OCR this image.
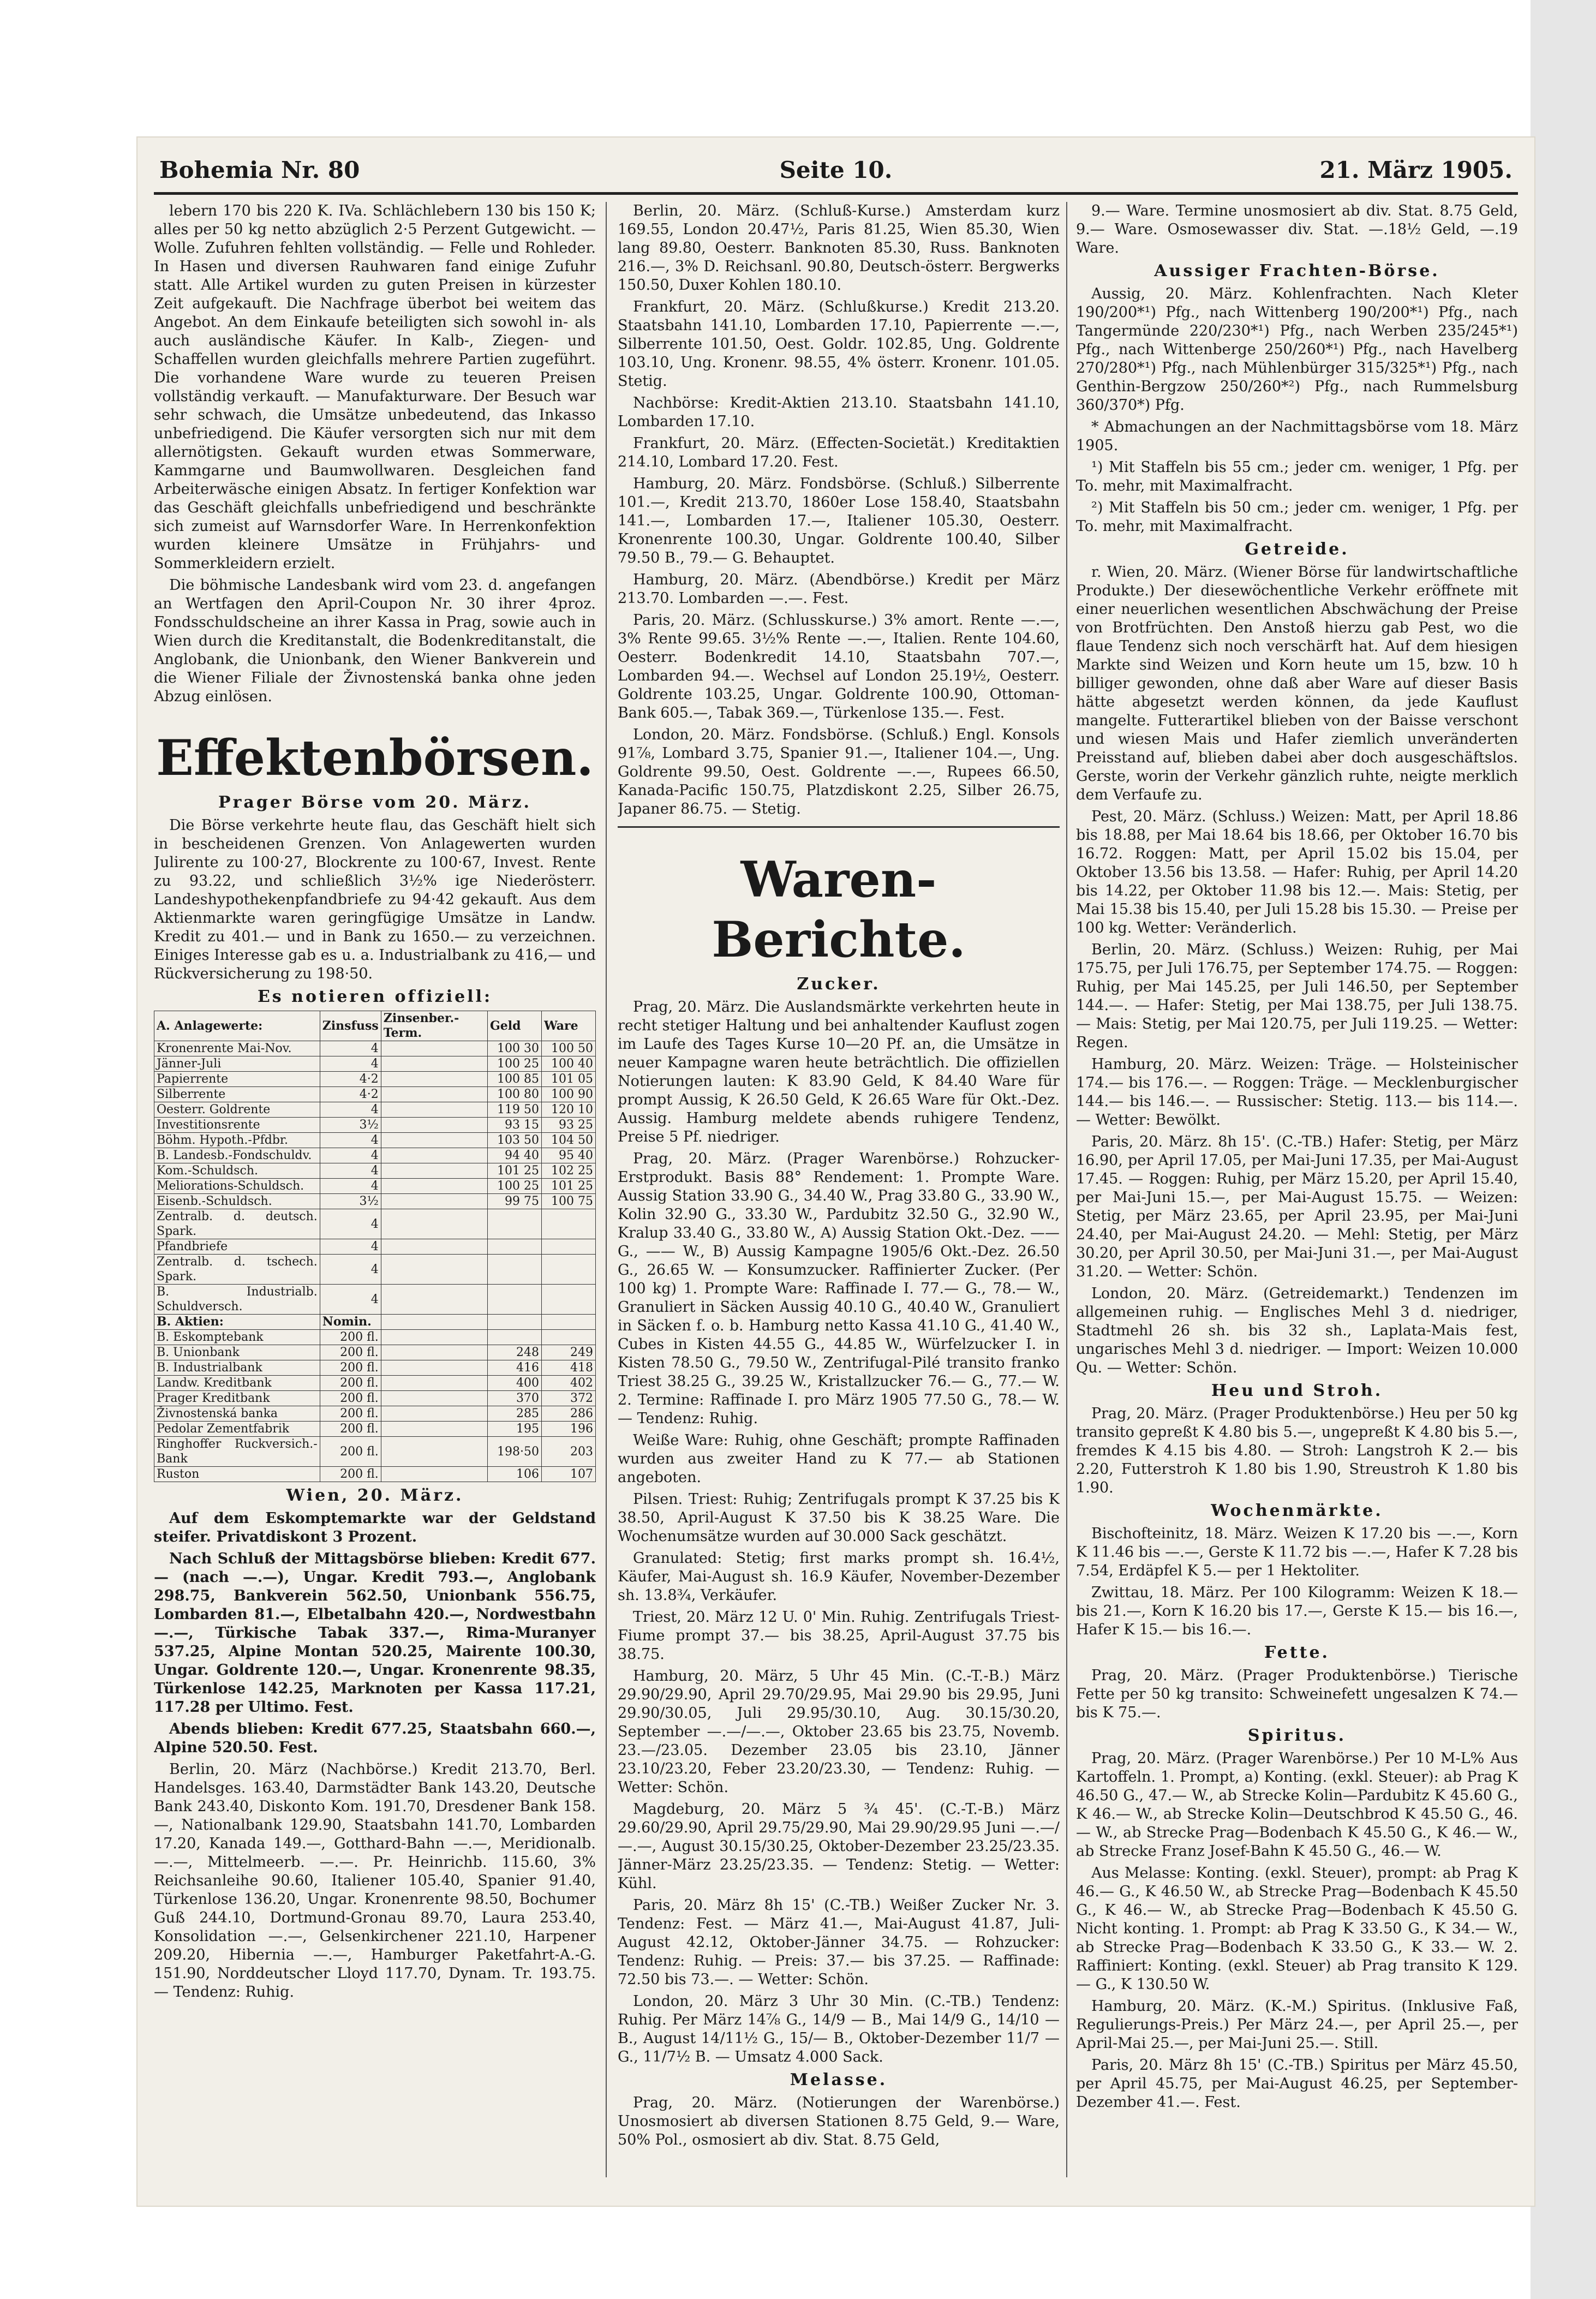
Bohemia Nr. 80	Seite 10.	21. März 1905.

lebern 170 bis 220 K. IVa. Schlächlebern 130 bis 150 K; alles per 50 kg netto abzüglich 2·5 Perzent Gutgewicht. — Wolle. Zufuhren fehlten vollständig. — Felle und Rohleder. In Hasen und diversen Rauhwaren fand einige Zufuhr statt. Alle Artikel wurden zu guten Preisen in kürzester Zeit aufgekauft. Die Nachfrage überbot bei weitem das Angebot. An dem Einkaufe beteiligten sich sowohl in- als auch ausländische Käufer. In Kalb-, Ziegen- und Schaffellen wurden gleichfalls mehrere Partien zugeführt. Die vorhandene Ware wurde zu teueren Preisen vollständig verkauft. — Manufakturware. Der Besuch war sehr schwach, die Umsätze unbedeutend, das Inkasso unbefriedigend. Die Käufer versorgten sich nur mit dem allernötigsten. Gekauft wurden etwas Sommerware, Kammgarne und Baumwollwaren. Desgleichen fand Arbeiterwäsche einigen Absatz. In fertiger Konfektion war das Geschäft gleichfalls unbefriedigend und beschränkte sich zumeist auf Warnsdorfer Ware. In Herrenkonfektion wurden kleinere Umsätze in Frühjahrs- und Sommerkleidern erzielt.

Die böhmische Landesbank wird vom 23. d. angefangen an Wertfagen den April-Coupon Nr. 30 ihrer 4proz. Fondsschuldscheine an ihrer Kassa in Prag, sowie auch in Wien durch die Kreditanstalt, die Bodenkreditanstalt, die Anglobank, die Unionbank, den Wiener Bankverein und die Wiener Filiale der Živnostenská banka ohne jeden Abzug einlösen.

Effektenbörsen.
Prager Börse vom 20. März.

Die Börse verkehrte heute flau, das Geschäft hielt sich in bescheidenen Grenzen. Von Anlagewerten wurden Julirente zu 100·27, Blockrente zu 100·67, Invest. Rente zu 93.22, und schließlich 3½% ige Niederösterr. Landeshypothekenpfandbriefe zu 94·42 gekauft. Aus dem Aktienmarkte waren geringfügige Umsätze in Landw. Kredit zu 401.— und in Bank zu 1650.— zu verzeichnen. Einiges Interesse gab es u. a. Industrialbank zu 416,— und Rückversicherung zu 198·50.

Es notieren offiziell:
A. Anlagewerte:	Zinsfuss	Zinsenber.-Term.	Geld	Ware
Kronenrente Mai-Nov.	4		100 30	100 50
Jänner-Juli	4		100 25	100 40
Papierrente	4·2		100 85	101 05
Silberrente	4·2		100 80	100 90
Oesterr. Goldrente	4		119 50	120 10
Investitionsrente	3½		93 15	93 25
Böhm. Hypoth.-Pfdbr.	4		103 50	104 50
B. Landesb.-Fondschuldv.	4		94 40	95 40
Kom.-Schuldsch.	4		101 25	102 25
Meliorations-Schuldsch.	4		100 25	101 25
Eisenb.-Schuldsch.	3½		99 75	100 75
Zentralb. d. deutsch. Spark.	4			
Pfandbriefe	4			
Zentralb. d. tschech. Spark.	4			
B. Industrialb. Schuldversch.	4			
B. Aktien:	Nomin.			
B. Eskomptebank	200 fl.			
B. Unionbank	200 fl.		248	249
B. Industrialbank	200 fl.		416	418
Landw. Kreditbank	200 fl.		400	402
Prager Kreditbank	200 fl.		370	372
Živnostenská banka	200 fl.		285	286
Pedolar Zementfabrik	200 fl.		195	196
Ringhoffer Ruckversich.-Bank	200 fl.		198·50	203
Ruston	200 fl.		106	107
Wien, 20. März.

Auf dem Eskomptemarkte war der Geldstand steifer. Privatdiskont 3 Prozent.

Nach Schluß der Mittagsbörse blieben: Kredit 677.— (nach —.—), Ungar. Kredit 793.—, Anglobank 298.75, Bankverein 562.50, Unionbank 556.75, Lombarden 81.—, Elbetalbahn 420.—, Nordwestbahn —.—, Türkische Tabak 337.—, Rima-Muranyer 537.25, Alpine Montan 520.25, Mairente 100.30, Ungar. Goldrente 120.—, Ungar. Kronenrente 98.35, Türkenlose 142.25, Marknoten per Kassa 117.21, 117.28 per Ultimo. Fest.

Abends blieben: Kredit 677.25, Staatsbahn 660.—, Alpine 520.50. Fest.

Berlin, 20. März (Nachbörse.) Kredit 213.70, Berl. Handelsges. 163.40, Darmstädter Bank 143.20, Deutsche Bank 243.40, Diskonto Kom. 191.70, Dresdener Bank 158.—, Nationalbank 129.90, Staatsbahn 141.70, Lombarden 17.20, Kanada 149.—, Gotthard-Bahn —.—, Meridionalb. —.—, Mittelmeerb. —.—. Pr. Heinrichb. 115.60, 3% Reichsanleihe 90.60, Italiener 105.40, Spanier 91.40, Türkenlose 136.20, Ungar. Kronenrente 98.50, Bochumer Guß 244.10, Dortmund-Gronau 89.70, Laura 253.40, Konsolidation —.—, Gelsenkirchener 221.10, Harpener 209.20, Hibernia —.—, Hamburger Paketfahrt-A.-G. 151.90, Norddeutscher Lloyd 117.70, Dynam. Tr. 193.75. — Tendenz: Ruhig.

Berlin, 20. März. (Schluß-Kurse.) Amsterdam kurz 169.55, London 20.47½, Paris 81.25, Wien 85.30, Wien lang 89.80, Oesterr. Banknoten 85.30, Russ. Banknoten 216.—, 3% D. Reichsanl. 90.80, Deutsch-österr. Bergwerks 150.50, Duxer Kohlen 180.10.

Frankfurt, 20. März. (Schlußkurse.) Kredit 213.20. Staatsbahn 141.10, Lombarden 17.10, Papierrente —.—, Silberrente 101.50, Oest. Goldr. 102.85, Ung. Goldrente 103.10, Ung. Kronenr. 98.55, 4% österr. Kronenr. 101.05. Stetig.

Nachbörse: Kredit-Aktien 213.10. Staatsbahn 141.10, Lombarden 17.10.

Frankfurt, 20. März. (Effecten-Societät.) Kreditaktien 214.10, Lombard 17.20. Fest.

Hamburg, 20. März. Fondsbörse. (Schluß.) Silberrente 101.—, Kredit 213.70, 1860er Lose 158.40, Staatsbahn 141.—, Lombarden 17.—, Italiener 105.30, Oesterr. Kronenrente 100.30, Ungar. Goldrente 100.40, Silber 79.50 B., 79.— G. Behauptet.

Hamburg, 20. März. (Abendbörse.) Kredit per März 213.70. Lombarden —.—. Fest.

Paris, 20. März. (Schlusskurse.) 3% amort. Rente —.—, 3% Rente 99.65. 3½% Rente —.—, Italien. Rente 104.60, Oesterr. Bodenkredit 14.10, Staatsbahn 707.—, Lombarden 94.—. Wechsel auf London 25.19½, Oesterr. Goldrente 103.25, Ungar. Goldrente 100.90, Ottoman-Bank 605.—, Tabak 369.—, Türkenlose 135.—. Fest.

London, 20. März. Fondsbörse. (Schluß.) Engl. Konsols 91⅞, Lombard 3.75, Spanier 91.—, Italiener 104.—, Ung. Goldrente 99.50, Oest. Goldrente —.—, Rupees 66.50, Kanada-Pacific 150.75, Platzdiskont 2.25, Silber 26.75, Japaner 86.75. — Stetig.

Waren-Berichte.
Zucker.

Prag, 20. März. Die Auslandsmärkte verkehrten heute in recht stetiger Haltung und bei anhaltender Kauflust zogen im Laufe des Tages Kurse 10—20 Pf. an, die Umsätze in neuer Kampagne waren heute beträchtlich. Die offiziellen Notierungen lauten: K 83.90 Geld, K 84.40 Ware für prompt Aussig, K 26.50 Geld, K 26.65 Ware für Okt.-Dez. Aussig. Hamburg meldete abends ruhigere Tendenz, Preise 5 Pf. niedriger.

Prag, 20. März. (Prager Warenbörse.) Rohzucker-Erstprodukt. Basis 88° Rendement: 1. Prompte Ware. Aussig Station 33.90 G., 34.40 W., Prag 33.80 G., 33.90 W., Kolin 32.90 G., 33.30 W., Pardubitz 32.50 G., 32.90 W., Kralup 33.40 G., 33.80 W., A) Aussig Station Okt.-Dez. —— G., —— W., B) Aussig Kampagne 1905/6 Okt.-Dez. 26.50 G., 26.65 W. — Konsumzucker. Raffinierter Zucker. (Per 100 kg) 1. Prompte Ware: Raffinade I. 77.— G., 78.— W., Granuliert in Säcken Aussig 40.10 G., 40.40 W., Granuliert in Säcken f. o. b. Hamburg netto Kassa 41.10 G., 41.40 W., Cubes in Kisten 44.55 G., 44.85 W., Würfelzucker I. in Kisten 78.50 G., 79.50 W., Zentrifugal-Pilé transito franko Triest 38.25 G., 39.25 W., Kristallzucker 76.— G., 77.— W. 2. Termine: Raffinade I. pro März 1905 77.50 G., 78.— W. — Tendenz: Ruhig.

Weiße Ware: Ruhig, ohne Geschäft; prompte Raffinaden wurden aus zweiter Hand zu K 77.— ab Stationen angeboten.

Pilsen. Triest: Ruhig; Zentrifugals prompt K 37.25 bis K 38.50, April-August K 37.50 bis K 38.25 Ware. Die Wochenumsätze wurden auf 30.000 Sack geschätzt.

Granulated: Stetig; first marks prompt sh. 16.4½, Käufer, Mai-August sh. 16.9 Käufer, November-Dezember sh. 13.8¾, Verkäufer.

Triest, 20. März 12 U. 0' Min. Ruhig. Zentrifugals Triest-Fiume prompt 37.— bis 38.25, April-August 37.75 bis 38.75.

Hamburg, 20. März, 5 Uhr 45 Min. (C.-T.-B.) März 29.90/29.90, April 29.70/29.95, Mai 29.90 bis 29.95, Juni 29.90/30.05, Juli 29.95/30.10, Aug. 30.15/30.20, September —.—/—.—, Oktober 23.65 bis 23.75, Novemb. 23.—/23.05. Dezember 23.05 bis 23.10, Jänner 23.10/23.20, Feber 23.20/23.30, — Tendenz: Ruhig. — Wetter: Schön.

Magdeburg, 20. März 5 ¾ 45'. (C.-T.-B.) März 29.60/29.90, April 29.75/29.90, Mai 29.90/29.95 Juni —.—/—.—, August 30.15/30.25, Oktober-Dezember 23.25/23.35. Jänner-März 23.25/23.35. — Tendenz: Stetig. — Wetter: Kühl.

Paris, 20. März 8h 15' (C.-TB.) Weißer Zucker Nr. 3. Tendenz: Fest. — März 41.—, Mai-August 41.87, Juli-August 42.12, Oktober-Jänner 34.75. — Rohzucker: Tendenz: Ruhig. — Preis: 37.— bis 37.25. — Raffinade: 72.50 bis 73.—. — Wetter: Schön.

London, 20. März 3 Uhr 30 Min. (C.-TB.) Tendenz: Ruhig. Per März 14⅞ G., 14/9 — B., Mai 14/9 G., 14/10 — B., August 14/11½ G., 15/— B., Oktober-Dezember 11/7 — G., 11/7½ B. — Umsatz 4.000 Sack.

Melasse.

Prag, 20. März. (Notierungen der Warenbörse.) Unosmosiert ab diversen Stationen 8.75 Geld, 9.— Ware, 50% Pol., osmosiert ab div. Stat. 8.75 Geld,

9.— Ware. Termine unosmosiert ab div. Stat. 8.75 Geld, 9.— Ware. Osmosewasser div. Stat. —.18½ Geld, —.19 Ware.

Aussiger Frachten-Börse.

Aussig, 20. März. Kohlenfrachten. Nach Kleter 190/200*¹) Pfg., nach Wittenberg 190/200*¹) Pfg., nach Tangermünde 220/230*¹) Pfg., nach Werben 235/245*¹) Pfg., nach Wittenberge 250/260*¹) Pfg., nach Havelberg 270/280*¹) Pfg., nach Mühlenbürger 315/325*¹) Pfg., nach Genthin-Bergzow 250/260*²) Pfg., nach Rummelsburg 360/370*) Pfg.

* Abmachungen an der Nachmittagsbörse vom 18. März 1905.

¹) Mit Staffeln bis 55 cm.; jeder cm. weniger, 1 Pfg. per To. mehr, mit Maximalfracht.

²) Mit Staffeln bis 50 cm.; jeder cm. weniger, 1 Pfg. per To. mehr, mit Maximalfracht.

Getreide.

r. Wien, 20. März. (Wiener Börse für landwirtschaftliche Produkte.) Der diesewöchentliche Verkehr eröffnete mit einer neuerlichen wesentlichen Abschwächung der Preise von Brotfrüchten. Den Anstoß hierzu gab Pest, wo die flaue Tendenz sich noch verschärft hat. Auf dem hiesigen Markte sind Weizen und Korn heute um 15, bzw. 10 h billiger gewonden, ohne daß aber Ware auf dieser Basis hätte abgesetzt werden können, da jede Kauflust mangelte. Futterartikel blieben von der Baisse verschont und wiesen Mais und Hafer ziemlich unveränderten Preisstand auf, blieben dabei aber doch ausgeschäftslos. Gerste, worin der Verkehr gänzlich ruhte, neigte merklich dem Verfaufe zu.

Pest, 20. März. (Schluss.) Weizen: Matt, per April 18.86 bis 18.88, per Mai 18.64 bis 18.66, per Oktober 16.70 bis 16.72. Roggen: Matt, per April 15.02 bis 15.04, per Oktober 13.56 bis 13.58. — Hafer: Ruhig, per April 14.20 bis 14.22, per Oktober 11.98 bis 12.—. Mais: Stetig, per Mai 15.38 bis 15.40, per Juli 15.28 bis 15.30. — Preise per 100 kg. Wetter: Veränderlich.

Berlin, 20. März. (Schluss.) Weizen: Ruhig, per Mai 175.75, per Juli 176.75, per September 174.75. — Roggen: Ruhig, per Mai 145.25, per Juli 146.50, per September 144.—. — Hafer: Stetig, per Mai 138.75, per Juli 138.75. — Mais: Stetig, per Mai 120.75, per Juli 119.25. — Wetter: Regen.

Hamburg, 20. März. Weizen: Träge. — Holsteinischer 174.— bis 176.—. — Roggen: Träge. — Mecklenburgischer 144.— bis 146.—. — Russischer: Stetig. 113.— bis 114.—. — Wetter: Bewölkt.

Paris, 20. März. 8h 15'. (C.-TB.) Hafer: Stetig, per März 16.90, per April 17.05, per Mai-Juni 17.35, per Mai-August 17.45. — Roggen: Ruhig, per März 15.20, per April 15.40, per Mai-Juni 15.—, per Mai-August 15.75. — Weizen: Stetig, per März 23.65, per April 23.95, per Mai-Juni 24.40, per Mai-August 24.20. — Mehl: Stetig, per März 30.20, per April 30.50, per Mai-Juni 31.—, per Mai-August 31.20. — Wetter: Schön.

London, 20. März. (Getreidemarkt.) Tendenzen im allgemeinen ruhig. — Englisches Mehl 3 d. niedriger, Stadtmehl 26 sh. bis 32 sh., Laplata-Mais fest, ungarisches Mehl 3 d. niedriger. — Import: Weizen 10.000 Qu. — Wetter: Schön.

Heu und Stroh.

Prag, 20. März. (Prager Produktenbörse.) Heu per 50 kg transito gepreßt K 4.80 bis 5.—, ungepreßt K 4.80 bis 5.—, fremdes K 4.15 bis 4.80. — Stroh: Langstroh K 2.— bis 2.20, Futterstroh K 1.80 bis 1.90, Streustroh K 1.80 bis 1.90.

Wochenmärkte.

Bischofteinitz, 18. März. Weizen K 17.20 bis —.—, Korn K 11.46 bis —.—, Gerste K 11.72 bis —.—, Hafer K 7.28 bis 7.54, Erdäpfel K 5.— per 1 Hektoliter.

Zwittau, 18. März. Per 100 Kilogramm: Weizen K 18.— bis 21.—, Korn K 16.20 bis 17.—, Gerste K 15.— bis 16.—, Hafer K 15.— bis 16.—.

Fette.

Prag, 20. März. (Prager Produktenbörse.) Tierische Fette per 50 kg transito: Schweinefett ungesalzen K 74.— bis K 75.—.

Spiritus.

Prag, 20. März. (Prager Warenbörse.) Per 10 M-L% Aus Kartoffeln. 1. Prompt, a) Konting. (exkl. Steuer): ab Prag K 46.50 G., 47.— W., ab Strecke Kolin—Pardubitz K 45.60 G., K 46.— W., ab Strecke Kolin—Deutschbrod K 45.50 G., 46.— W., ab Strecke Prag—Bodenbach K 45.50 G., K 46.— W., ab Strecke Franz Josef-Bahn K 45.50 G., 46.— W.

Aus Melasse: Konting. (exkl. Steuer), prompt: ab Prag K 46.— G., K 46.50 W., ab Strecke Prag—Bodenbach K 45.50 G., K 46.— W., ab Strecke Prag—Bodenbach K 45.50 G. Nicht konting. 1. Prompt: ab Prag K 33.50 G., K 34.— W., ab Strecke Prag—Bodenbach K 33.50 G., K 33.— W. 2. Raffiniert: Konting. (exkl. Steuer) ab Prag transito K 129.— G., K 130.50 W.

Hamburg, 20. März. (K.-M.) Spiritus. (Inklusive Faß, Regulierungs-Preis.) Per März 24.—, per April 25.—, per April-Mai 25.—, per Mai-Juni 25.—. Still.

Paris, 20. März 8h 15' (C.-TB.) Spiritus per März 45.50, per April 45.75, per Mai-August 46.25, per September-Dezember 41.—. Fest.
